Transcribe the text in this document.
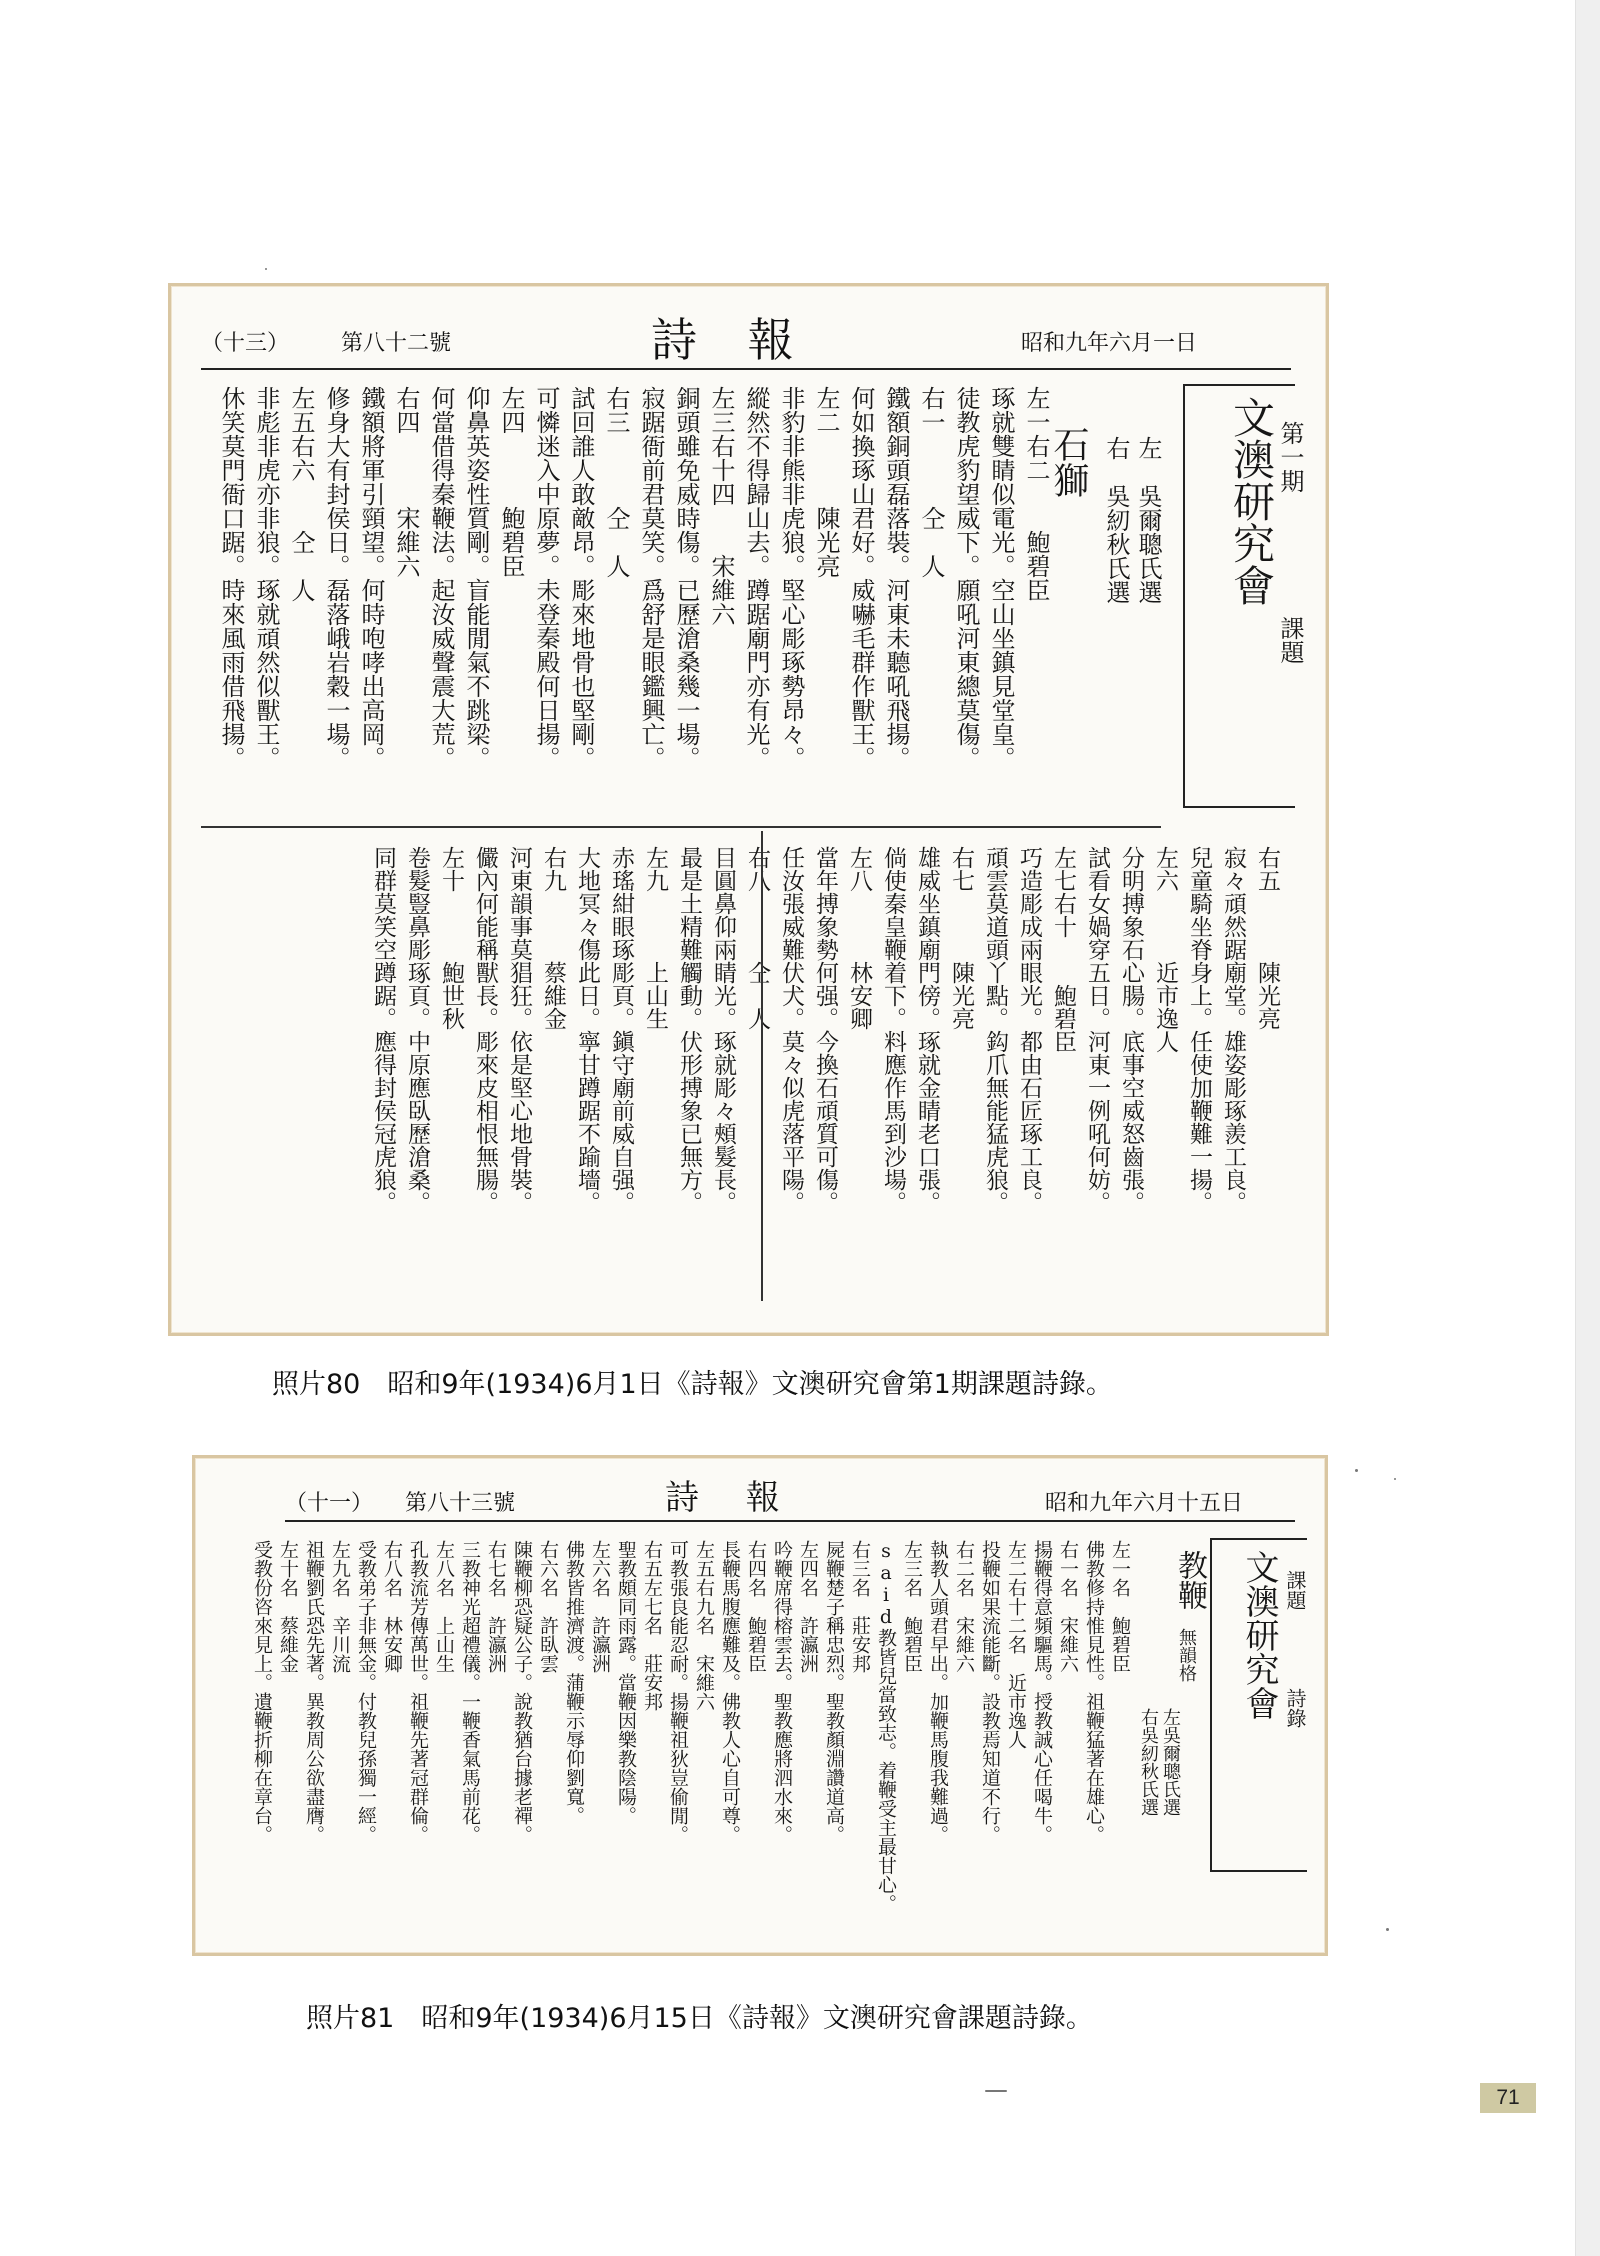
（十三） 第八十二號	詩 報	昭和九年六月一日
文澳研究會 第一期
課題
左　吳爾聰氏選
右　吳紉秋氏選
石獅
左一右二　　鮑碧臣
琢就雙睛似電光。空山坐鎮見堂皇。
徒教虎豹望威下。願吼河東總莫傷。
右一　　　仝　人
鐵額銅頭磊落裝。河東未聽吼飛揚。
何如換琢山君好。威嚇毛群作獸王。
左二　　　陳光亮
非豹非熊非虎狼。堅心彫琢勢昂々。
縱然不得歸山去。蹲踞廟門亦有光。
左三右十四　　宋維六
銅頭雖免威時傷。已歷滄桑幾一場。
寂踞衙前君莫笑。爲舒是眼鑑興亡。
右三　　　仝　人
試回誰人敢敵昂。彫來地骨也堅剛。
可憐迷入中原夢。未登秦殿何日揚。
左四　　　鮑碧臣
仰鼻英姿性質剛。盲能閒氣不跳梁。
何當借得秦鞭法。起汝威聲震大荒。
右四　　　宋維六
鐵額將軍引頸望。何時咆哮出高岡。
修身大有封侯日。磊落峨岩穀一場。
左五右六　　仝　人
非彪非虎亦非狼。琢就頑然似獸王。
休笑莫門衙口踞。時來風雨借飛揚。
右五　　　陳光亮
寂々頑然踞廟堂。雄姿彫琢羨工良。
兒童騎坐脊身上。任使加鞭難一揚。
左六　　　近市逸人
分明搏象石心腸。底事空威怒齒張。
試看女媧穿五日。河東一例吼何妨。
左七右十　　鮑碧臣
巧造彫成兩眼光。都由石匠琢工良。
頑雲莫道頭丫點。鈎爪無能猛虎狼。
右七　　　陳光亮
雄威坐鎮廟門傍。琢就金睛老口張。
倘使秦皇鞭着下。料應作馬到沙場。
左八　　　林安卿
當年搏象勢何强。今換石頑質可傷。
任汝張威難伏犬。莫々似虎落平陽。
右八　　　仝　人
目圓鼻仰兩睛光。琢就彫々頰髮長。
最是土精難觸動。伏形搏象已無方。
左九　　　上山生
赤瑤紺眼琢彫頁。鎭守廟前威自强。
大地冥々傷此日。寧甘蹲踞不踰墻。
右九　　　蔡維金
河東韻事莫猖狂。依是堅心地骨裝。
儼內何能稱獸長。彫來皮相恨無腸。
左十　　　鮑世秋
卷髮豎鼻彫琢頁。中原應臥歷滄桑。
同群莫笑空蹲踞。應得封侯冠虎狼。
照片80　昭和9年(1934)6月1日《詩報》文澳研究會第1期課題詩錄。
（十一） 第八十三號	詩 報	昭和九年六月十五日
文澳研究會 課題
詩錄
教鞭
無韻格
左吳爾聰氏選
右吳紉秋氏選
左一名　鮑碧臣
佛教修持惟見性。祖鞭猛著在雄心。
右一名　宋維六
揚鞭得意頻驅馬。授教誠心任喝牛。
左二右十二名　近市逸人
投鞭如果流能斷。設教焉知道不行。
右二名　宋維六
執教人頭君早出。加鞭馬腹我難過。
左三名　鮑碧臣
said教皆兒當致志。着鞭受主最甘心。
右三名　莊安邦
屍鞭楚子稱忠烈。聖教顏淵讚道高。
左四名　許瀛洲
吟鞭席得榕雲去。聖教應將泗水來。
右四名　鮑碧臣
長鞭馬腹應難及。佛教人心自可尊。
左五右九名　宋維六
可教張良能忍耐。揚鞭祖狄豈偷閒。
右五左七名　莊安邦
聖教頗同雨露。當鞭因樂教陰陽。
左六名　許瀛洲
佛教皆推濟渡。蒲鞭示辱仰劉寬。
右六名　許臥雲
陳鞭柳恐疑公子。說教猶台據老禪。
右七名　許瀛洲
三教神光超禮儀。一鞭香氣馬前花。
左八名　上山生
孔教流芳傳萬世。祖鞭先著冠群倫。
右八名　林安卿
受教弟子非無金。付教兒孫獨一經。
左九名　辛川流
祖鞭劉氏恐先著。異教周公欲盡膺。
左十名　蔡維金
受教份咨來見上。遺鞭折柳在章台。
照片81　昭和9年(1934)6月15日《詩報》文澳研究會課題詩錄。
71
